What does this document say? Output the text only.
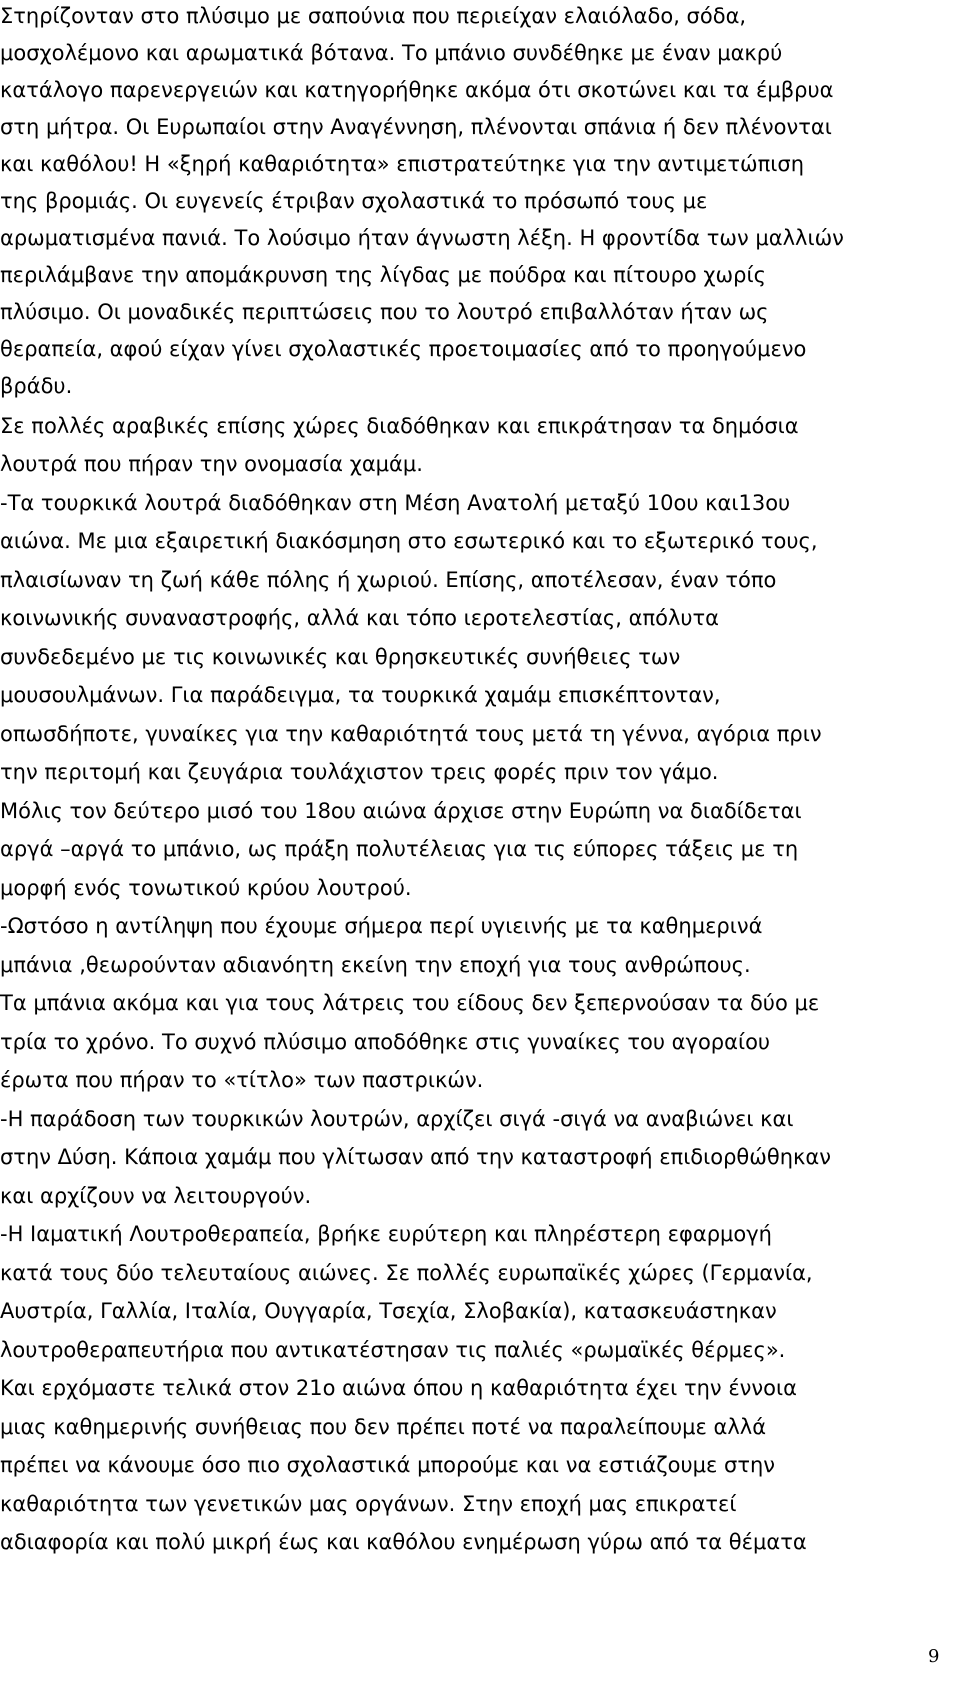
Στηρίζονταν στο πλύσιμο με σαπούνια που περιείχαν ελαιόλαδο, σόδα,
μοσχολέμονο και αρωματικά βότανα. Το μπάνιο συνδέθηκε με έναν μακρύ
κατάλογο παρενεργειών και κατηγορήθηκε ακόμα ότι σκοτώνει και τα έμβρυα
στη μήτρα. Οι Ευρωπαίοι στην Αναγέννηση, πλένονται σπάνια ή δεν πλένονται
και καθόλου! Η «ξηρή καθαριότητα» επιστρατεύτηκε για την αντιμετώπιση
της βρομιάς. Οι ευγενείς έτριβαν σχολαστικά το πρόσωπό τους με
αρωματισμένα πανιά. Το λούσιμο ήταν άγνωστη λέξη. Η φροντίδα των μαλλιών
περιλάμβανε την απομάκρυνση της λίγδας με πούδρα και πίτουρο χωρίς
πλύσιμο. Οι μοναδικές περιπτώσεις που το λουτρό επιβαλλόταν ήταν ως
θεραπεία, αφού είχαν γίνει σχολαστικές προετοιμασίες από το προηγούμενο
βράδυ.
Σε πολλές αραβικές επίσης χώρες διαδόθηκαν και επικράτησαν τα δημόσια
λουτρά που πήραν την ονομασία χαμάμ.
-Τα τουρκικά λουτρά διαδόθηκαν στη Μέση Ανατολή μεταξύ 10ου και13ου
αιώνα. Με μια εξαιρετική διακόσμηση στο εσωτερικό και το εξωτερικό τους,
πλαισίωναν τη ζωή κάθε πόλης ή χωριού. Επίσης, αποτέλεσαν, έναν τόπο
κοινωνικής συναναστροφής, αλλά και τόπο ιεροτελεστίας, απόλυτα
συνδεδεμένο με τις κοινωνικές και θρησκευτικές συνήθειες των
μουσουλμάνων. Για παράδειγμα, τα τουρκικά χαμάμ επισκέπτονταν,
οπωσδήποτε, γυναίκες για την καθαριότητά τους μετά τη γέννα, αγόρια πριν
την περιτομή και ζευγάρια τουλάχιστον τρεις φορές πριν τον γάμο.
Μόλις τον δεύτερο μισό του 18ου αιώνα άρχισε στην Ευρώπη να διαδίδεται
αργά –αργά το μπάνιο, ως πράξη πολυτέλειας για τις εύπορες τάξεις με τη
μορφή ενός τονωτικού κρύου λουτρού.
-Ωστόσο η αντίληψη που έχουμε σήμερα περί υγιεινής με τα καθημερινά
μπάνια ,θεωρούνταν αδιανόητη εκείνη την εποχή για τους ανθρώπους.
Τα μπάνια ακόμα και για τους λάτρεις του είδους δεν ξεπερνούσαν τα δύο με
τρία το χρόνο. Το συχνό πλύσιμο αποδόθηκε στις γυναίκες του αγοραίου
έρωτα που πήραν το «τίτλο» των παστρικών.
-Η παράδοση των τουρκικών λουτρών, αρχίζει σιγά -σιγά να αναβιώνει και
στην Δύση. Κάποια χαμάμ που γλίτωσαν από την καταστροφή επιδιορθώθηκαν
και αρχίζουν να λειτουργούν.
-Η Ιαματική Λουτροθεραπεία, βρήκε ευρύτερη και πληρέστερη εφαρμογή
κατά τους δύο τελευταίους αιώνες. Σε πολλές ευρωπαϊκές χώρες (Γερμανία,
Αυστρία, Γαλλία, Ιταλία, Ουγγαρία, Τσεχία, Σλοβακία), κατασκευάστηκαν
λουτροθεραπευτήρια που αντικατέστησαν τις παλιές «ρωμαϊκές θέρμες».
Και ερχόμαστε τελικά στον 21ο αιώνα όπου η καθαριότητα έχει την έννοια
μιας καθημερινής συνήθειας που δεν πρέπει ποτέ να παραλείπουμε αλλά
πρέπει να κάνουμε όσο πιο σχολαστικά μπορούμε και να εστιάζουμε στην
καθαριότητα των γενετικών μας οργάνων. Στην εποχή μας επικρατεί
αδιαφορία και πολύ μικρή έως και καθόλου ενημέρωση γύρω από τα θέματα
9
